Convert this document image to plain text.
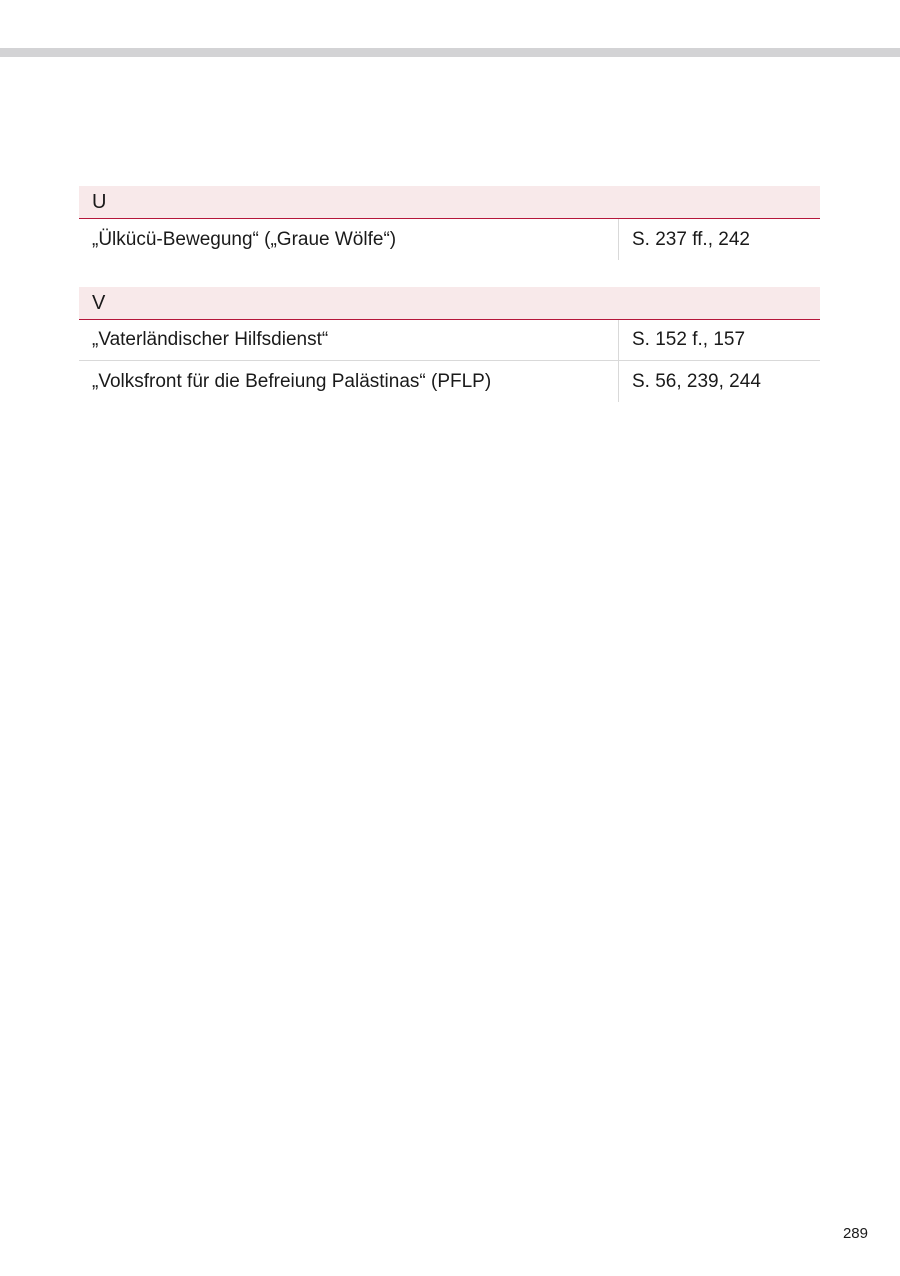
U
„Ülkücü-Bewegung“ („Graue Wölfe“)	S. 237 ff., 242
V
„Vaterländischer Hilfsdienst“	S. 152 f., 157
„Volksfront für die Befreiung Palästinas“ (PFLP)	S. 56, 239, 244
289
